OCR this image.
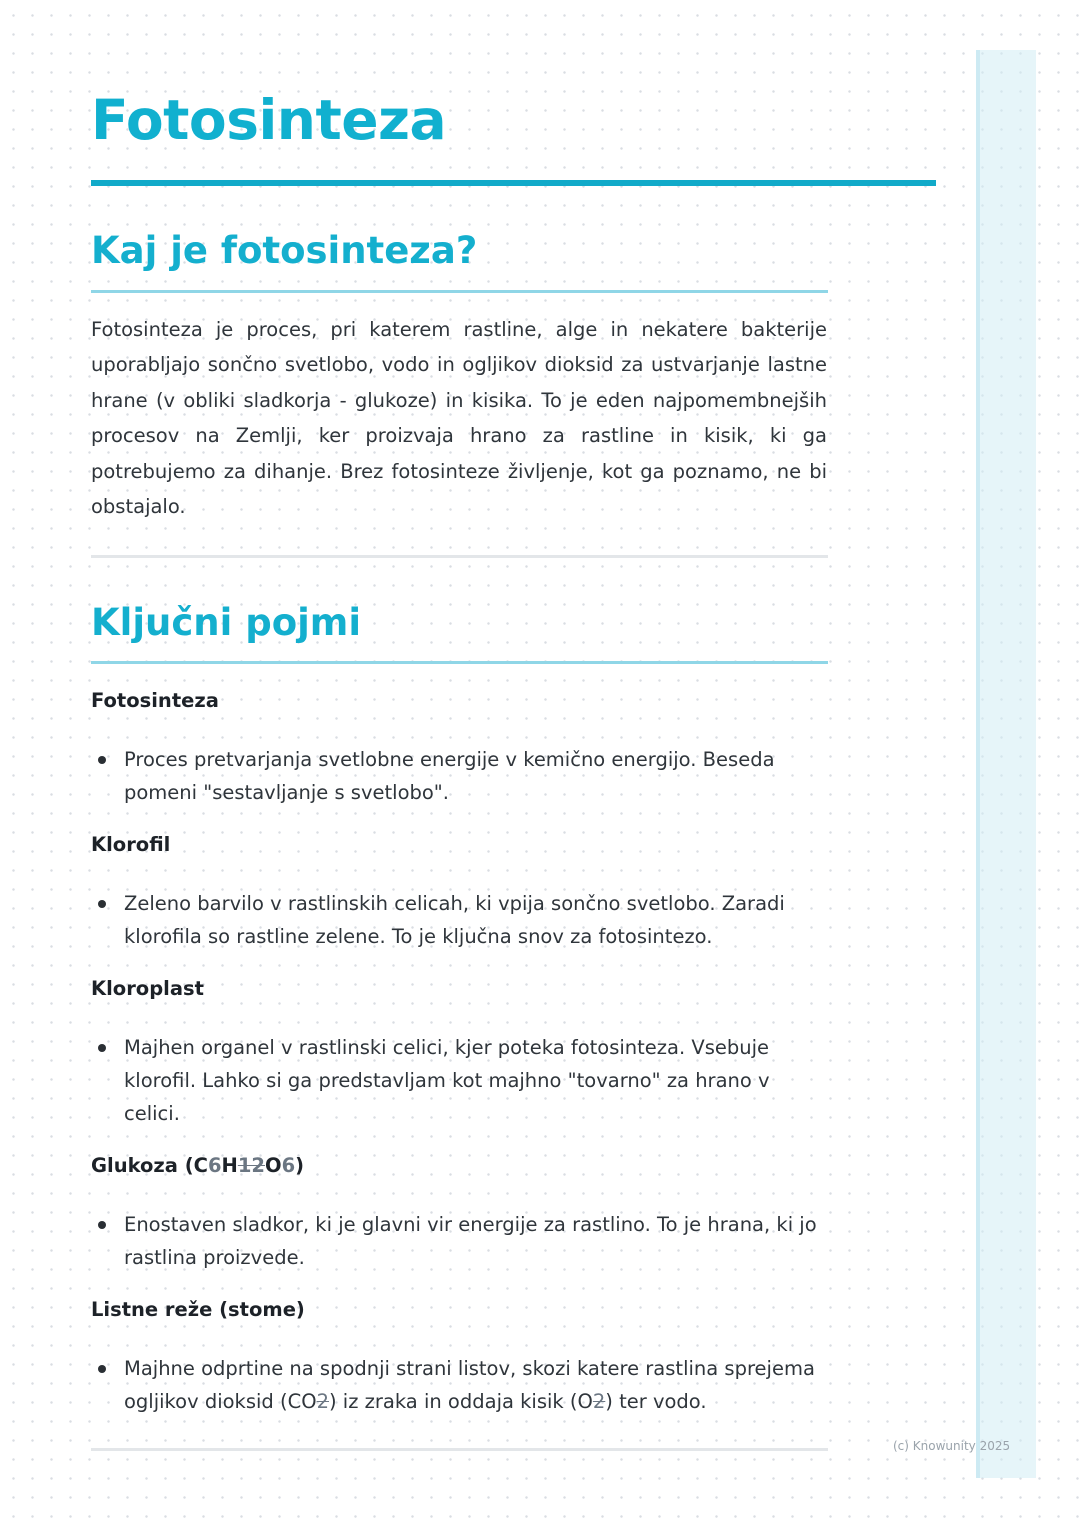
Fotosinteza
Kaj je fotosinteza?

Fotosinteza je proces, pri katerem rastline, alge in nekatere bakterije uporabljajo sončno svetlobo, vodo in ogljikov dioksid za ustvarjanje lastne hrane (v obliki sladkorja - glukoze) in kisika. To je eden najpomembnejših procesov na Zemlji, ker proizvaja hrano za rastline in kisik, ki ga potrebujemo za dihanje. Brez fotosinteze življenje, kot ga poznamo, ne bi obstajalo.

Ključni pojmi

Fotosinteza

Proces pretvarjanja svetlobne energije v kemično energijo. Beseda pomeni "sestavljanje s svetlobo".

Klorofil

Zeleno barvilo v rastlinskih celicah, ki vpija sončno svetlobo. Zaradi klorofila so rastline zelene. To je ključna snov za fotosintezo.

Kloroplast

Majhen organel v rastlinski celici, kjer poteka fotosinteza. Vsebuje klorofil. Lahko si ga predstavljam kot majhno "tovarno" za hrano v celici.

Glukoza (C6H12O6)

Enostaven sladkor, ki je glavni vir energije za rastlino. To je hrana, ki jo rastlina proizvede.

Listne reže (stome)

Majhne odprtine na spodnji strani listov, skozi katere rastlina sprejema ogljikov dioksid (CO2) iz zraka in oddaja kisik (O2) ter vodo.

(c) Knowunity 2025
